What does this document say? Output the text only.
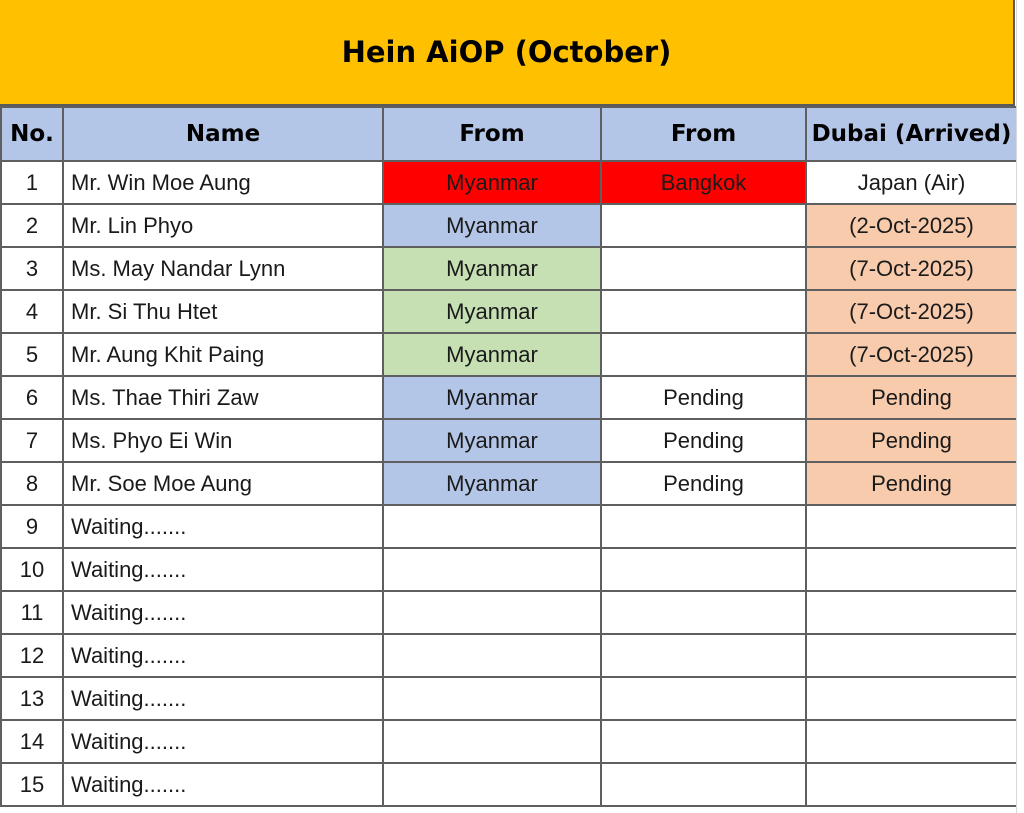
Hein AiOP (October)
No.	Name	From	From	Dubai (Arrived)
1	Mr. Win Moe Aung	Myanmar	Bangkok	Japan (Air)
2	Mr. Lin Phyo	Myanmar		(2-Oct-2025)
3	Ms. May Nandar Lynn	Myanmar		(7-Oct-2025)
4	Mr. Si Thu Htet	Myanmar		(7-Oct-2025)
5	Mr. Aung Khit Paing	Myanmar		(7-Oct-2025)
6	Ms. Thae Thiri Zaw	Myanmar	Pending	Pending
7	Ms. Phyo Ei Win	Myanmar	Pending	Pending
8	Mr. Soe Moe Aung	Myanmar	Pending	Pending
9	Waiting.......			
10	Waiting.......			
11	Waiting.......			
12	Waiting.......			
13	Waiting.......			
14	Waiting.......			
15	Waiting.......			
